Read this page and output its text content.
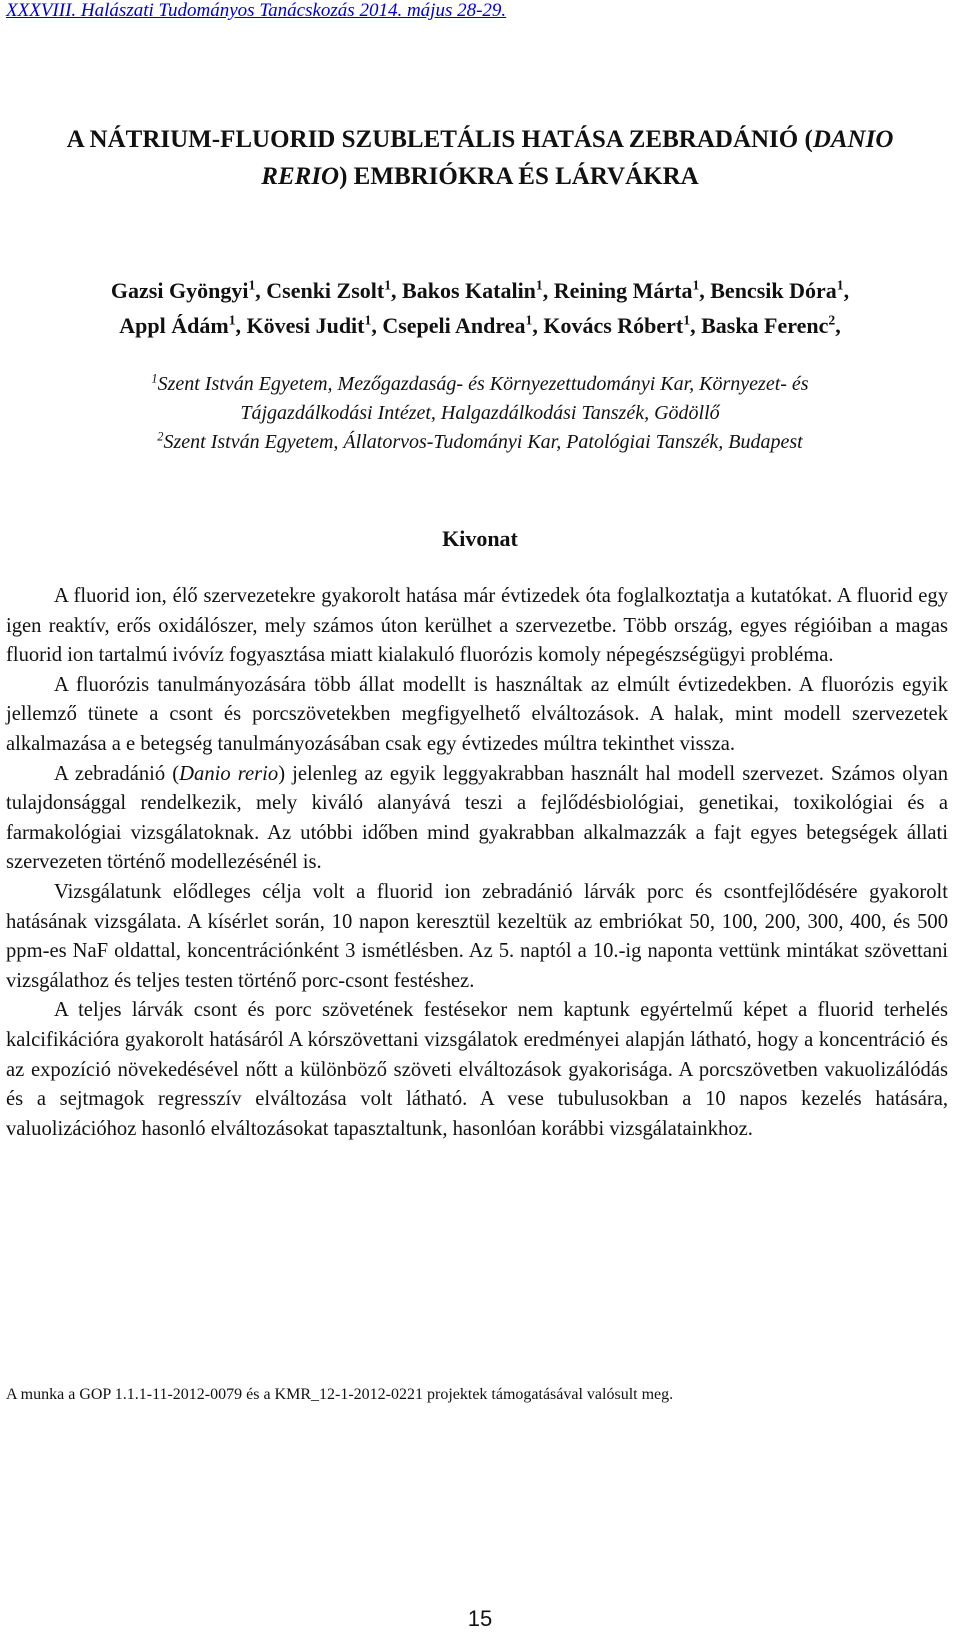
XXXVIII. Halászati Tudományos Tanácskozás 2014. május 28-29.
A NÁTRIUM-FLUORID SZUBLETÁLIS HATÁSA ZEBRADÁNIÓ (DANIO
RERIO) EMBRIÓKRA ÉS LÁRVÁKRA
Gazsi Gyöngyi$^1$, Csenki Zsolt$^1$, Bakos Katalin$^1$, Reining Márta$^1$, Bencsik Dóra$^1$,
Appl Ádám$^1$, Kövesi Judit$^1$, Csepeli Andrea$^1$, Kovács Róbert$^1$, Baska Ferenc$^2$,
$^1$Szent István Egyetem, Mezőgazdaság- és Környezettudományi Kar, Környezet- és
Tájgazdálkodási Intézet, Halgazdálkodási Tanszék, Gödöllő
$^2$Szent István Egyetem, Állatorvos-Tudományi Kar, Patológiai Tanszék, Budapest
Kivonat

A fluorid ion, élő szervezetekre gyakorolt hatása már évtizedek óta foglalkoztatja a kutatókat. A fluorid egy igen reaktív, erős oxidálószer, mely számos úton kerülhet a szervezetbe. Több ország, egyes régióiban a magas fluorid ion tartalmú ivóvíz fogyasztása miatt kialakuló fluorózis komoly népegészségügyi probléma.

A fluorózis tanulmányozására több állat modellt is használtak az elmúlt évtizedekben. A fluorózis egyik jellemző tünete a csont és porcszövetekben megfigyelhető elváltozások. A halak, mint modell szervezetek alkalmazása a e betegség tanulmányozásában csak egy évtizedes múltra tekinthet vissza.

A zebradánió (Danio rerio) jelenleg az egyik leggyakrabban használt hal modell szervezet. Számos olyan tulajdonsággal rendelkezik, mely kiváló alanyává teszi a fejlődésbiológiai, genetikai, toxikológiai és a farmakológiai vizsgálatoknak. Az utóbbi időben mind gyakrabban alkalmazzák a fajt egyes betegségek állati szervezeten történő modellezésénél is.

Vizsgálatunk elődleges célja volt a fluorid ion zebradánió lárvák porc és csontfejlődésére gyakorolt hatásának vizsgálata. A kísérlet során, 10 napon keresztül kezeltük az embriókat 50, 100, 200, 300, 400, és 500 ppm-es NaF oldattal, koncentrációnként 3 ismétlésben. Az 5. naptól a 10.-ig naponta vettünk mintákat szövettani vizsgálathoz és teljes testen történő porc-csont festéshez.

A teljes lárvák csont és porc szövetének festésekor nem kaptunk egyértelmű képet a fluorid terhelés kalcifikációra gyakorolt hatásáról A kórszövettani vizsgálatok eredményei alapján látható, hogy a koncentráció és az expozíció növekedésével nőtt a különböző szöveti elváltozások gyakorisága. A porcszövetben vakuolizálódás és a sejtmagok regresszív elváltozása volt látható. A vese tubulusokban a 10 napos kezelés hatására, valuolizációhoz hasonló elváltozásokat tapasztaltunk, hasonlóan korábbi vizsgálatainkhoz.

A munka a GOP 1.1.1-11-2012-0079 és a KMR_12-1-2012-0221 projektek támogatásával valósult meg.
15
